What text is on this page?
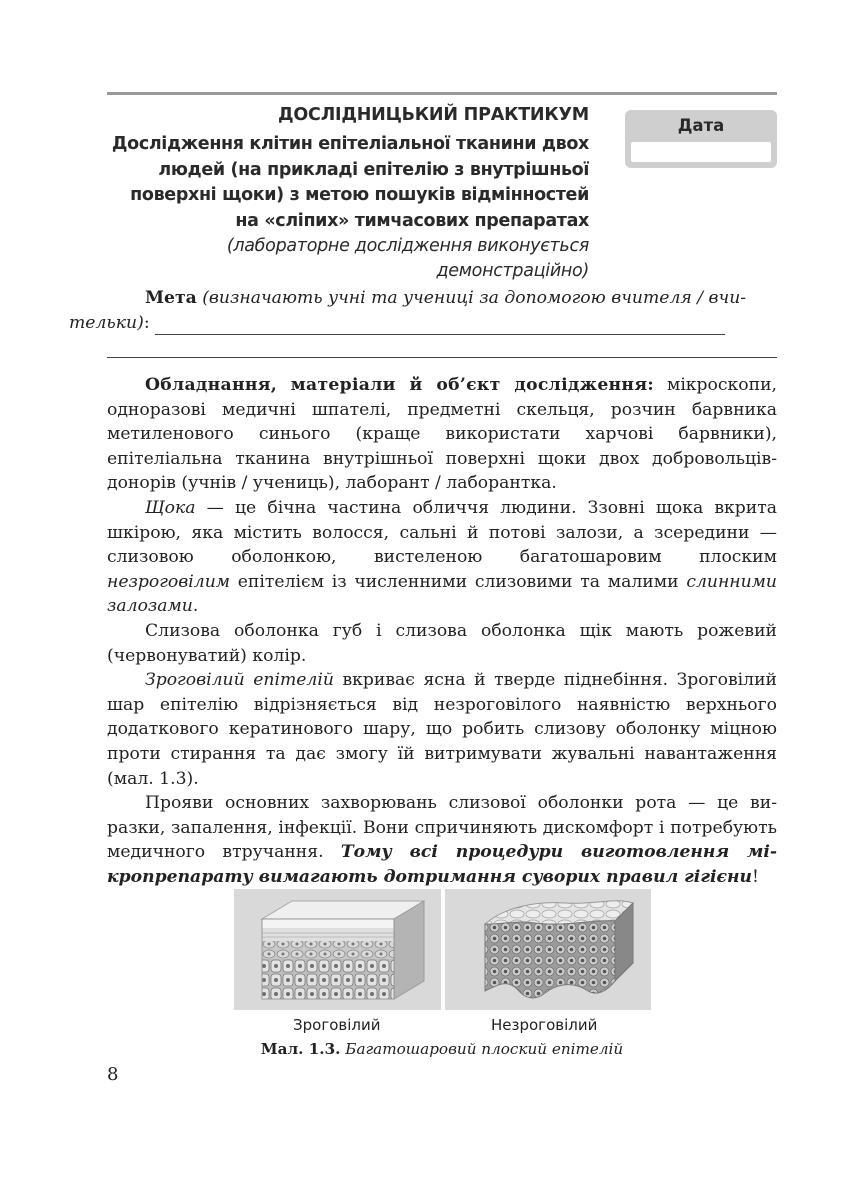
ДОСЛІДНИЦЬКИЙ ПРАКТИКУМ
Дослідження клітин епітеліальної тканини двох
людей (на прикладі епітелію з внутрішньої
поверхні щоки) з метою пошуків відмінностей
на «сліпих» тимчасових препаратах
(лабораторне дослідження виконується
демонстраційно)
Дата

Мета (визначають учні та учениці за допомогою вчителя / вчи-
тельки):

Обладнання, матеріали й об’єкт дослідження: мікроскопи, одноразові медичні шпателі, предметні скельця, розчин барвника метиленового синього (краще використати харчові барвники), епітеліальна тканина внутрішньої поверхні щоки двох добровольців-донорів (учнів / учениць), лаборант / лаборантка.

Щока — це бічна частина обличчя людини. Ззовні щока вкрита шкірою, яка містить волосся, сальні й потові залози, а зсередини — слизовою оболонкою, вистеленою багатошаровим плоским незроговілим епітелієм із численними слизовими та малими слинними залозами.

Слизова оболонка губ і слизова оболонка щік мають рожевий (червонуватий) колір.

Зроговілий епітелій вкриває ясна й тверде піднебіння. Зроговілий шар епітелію відрізняється від незроговілого наявністю верхнього додаткового кератинового шару, що робить слизову оболонку міцною проти стирання та дає змогу їй витримувати жувальні навантаження (мал. 1.3).

Прояви основних захворювань слизової оболонки рота — це виразки, запалення, інфекції. Вони спричиняють дискомфорт і потребують медичного втручання. Тому всі процедури виготовлення мікропрепарату вимагають дотримання суворих правил гігієни!

Зроговілий	Незроговілий
Мал. 1.3. Багатошаровий плоский епітелій
8
